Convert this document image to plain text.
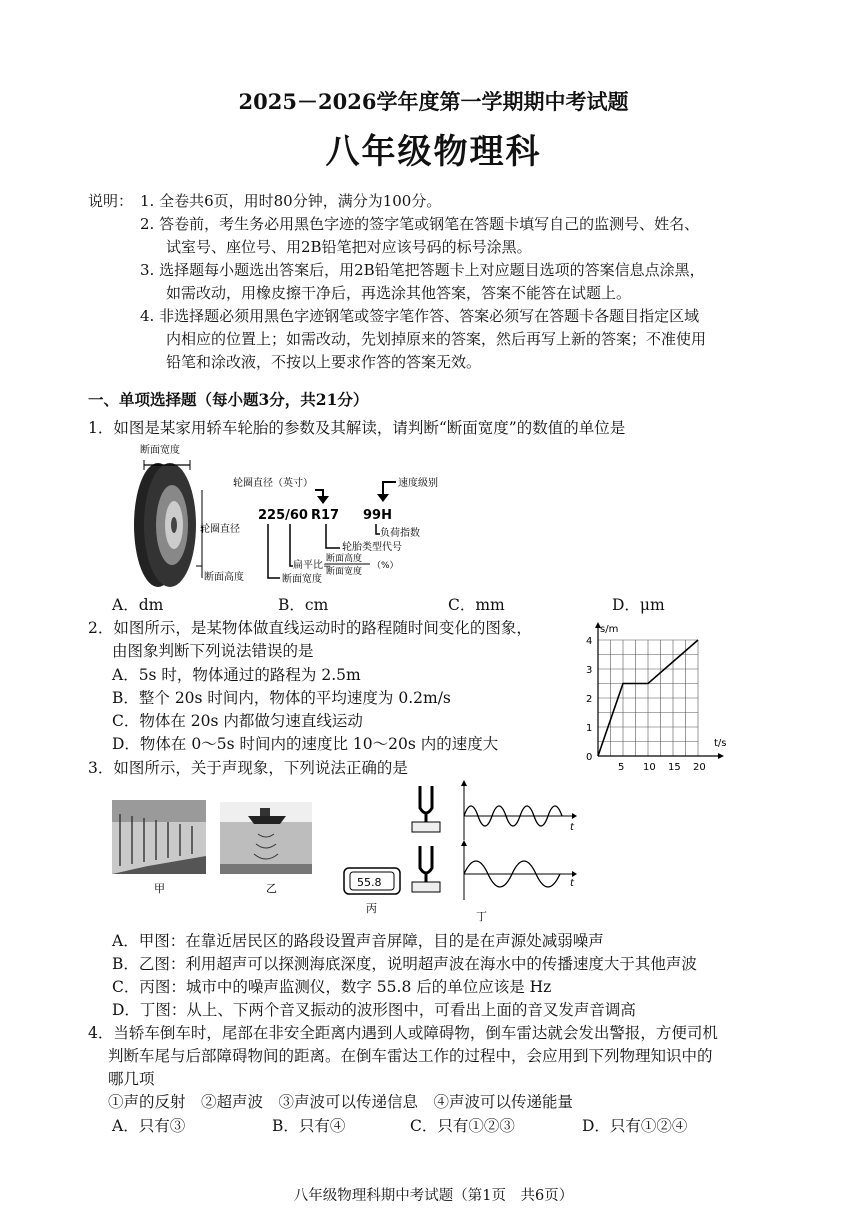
2025－2026学年度第一学期期中考试题
八年级物理科
说明： 1. 全卷共6页，用时80分钟，满分为100分。
2. 答卷前，考生务必用黑色字迹的签字笔或钢笔在答题卡填写自己的监测号、姓名、
试室号、座位号、用2B铅笔把对应该号码的标号涂黑。
3. 选择题每小题选出答案后，用2B铅笔把答题卡上对应题目选项的答案信息点涂黑，
如需改动，用橡皮擦干净后，再选涂其他答案，答案不能答在试题上。
4. 非选择题必须用黑色字迹钢笔或签字笔作答、答案必须写在答题卡各题目指定区域
内相应的位置上；如需改动，先划掉原来的答案，然后再写上新的答案；不准使用
铅笔和涂改液，不按以上要求作答的答案无效。
一、单项选择题（每小题3分，共21分）
1．如图是某家用轿车轮胎的参数及其解读，请判断“断面宽度”的数值的单位是
断面宽度
轮圈直径
断面高度
轮圈直径（英寸）	速度级别
225/60 R17 99H
负荷指数
轮胎类型代号
扁平比=
断面高度
断面宽度
（%）
断面宽度
A．dm	B．cm	C．mm	D．μm
2．如图所示，是某物体做直线运动时的路程随时间变化的图象，
由图象判断下列说法错误的是
A．5s 时，物体通过的路程为 2.5m
B．整个 20s 时间内，物体的平均速度为 0.2m/s
C．物体在 20s 内都做匀速直线运动
D．物体在 0～5s 时间内的速度比 10～20s 内的速度大
s/m
t/s
5 10 15 20
0
1
2
3
4
3．如图所示，关于声现象，下列说法正确的是
55.8
t
t
甲	乙
丙
丁
A．甲图：在靠近居民区的路段设置声音屏障，目的是在声源处减弱噪声
B．乙图：利用超声可以探测海底深度，说明超声波在海水中的传播速度大于其他声波
C．丙图：城市中的噪声监测仪，数字 55.8 后的单位应该是 Hz
D．丁图：从上、下两个音叉振动的波形图中，可看出上面的音叉发声音调高
4．当轿车倒车时，尾部在非安全距离内遇到人或障碍物，倒车雷达就会发出警报，方便司机
判断车尾与后部障碍物间的距离。在倒车雷达工作的过程中，会应用到下列物理知识中的
哪几项
①声的反射　②超声波　③声波可以传递信息　④声波可以传递能量
A．只有③	B．只有④	C．只有①②③	D．只有①②④
八年级物理科期中考试题（第1页　共6页）
